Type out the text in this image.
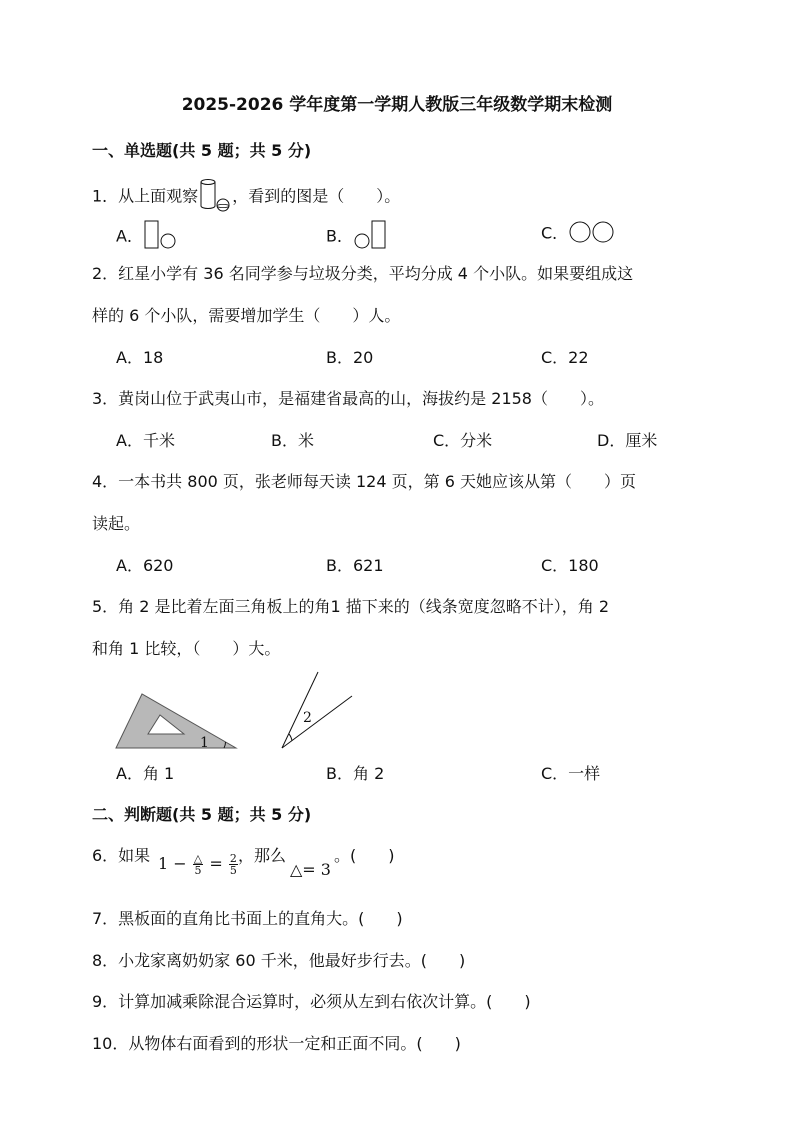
2025-2026 学年度第一学期人教版三年级数学期末检测
一、单选题(共 5 题；共 5 分)
1．从上面观察 ，看到的图是（　　）。
A．	B．	C．
2．红星小学有 36 名同学参与垃圾分类，平均分成 4 个小队。如果要组成这
样的 6 个小队，需要增加学生（　　）人。
A．18	B．20	C．22
3．黄岗山位于武夷山市，是福建省最高的山，海拔约是 2158（　　）。
A．千米	B．米	C．分米	D．厘米
4．一本书共 800 页，张老师每天读 124 页，第 6 天她应该从第（　　）页
读起。
A．620	B．621	C．180
5．角 2 是比着左面三角板上的角1 描下来的（线条宽度忽略不计），角 2
和角 1 比较，（　　）大。
1
2
A．角 1	B．角 2	C．一样
二、判断题(共 5 题；共 5 分)
6．如果 $1 - \frac{\triangle}{5} = \frac{2}{5}$ ，那么
△= 3
。(　　)
7．黑板面的直角比书面上的直角大。(　　)
8．小龙家离奶奶家 60 千米，他最好步行去。(　　)
9．计算加减乘除混合运算时，必须从左到右依次计算。(　　)
10．从物体右面看到的形状一定和正面不同。(　　)
